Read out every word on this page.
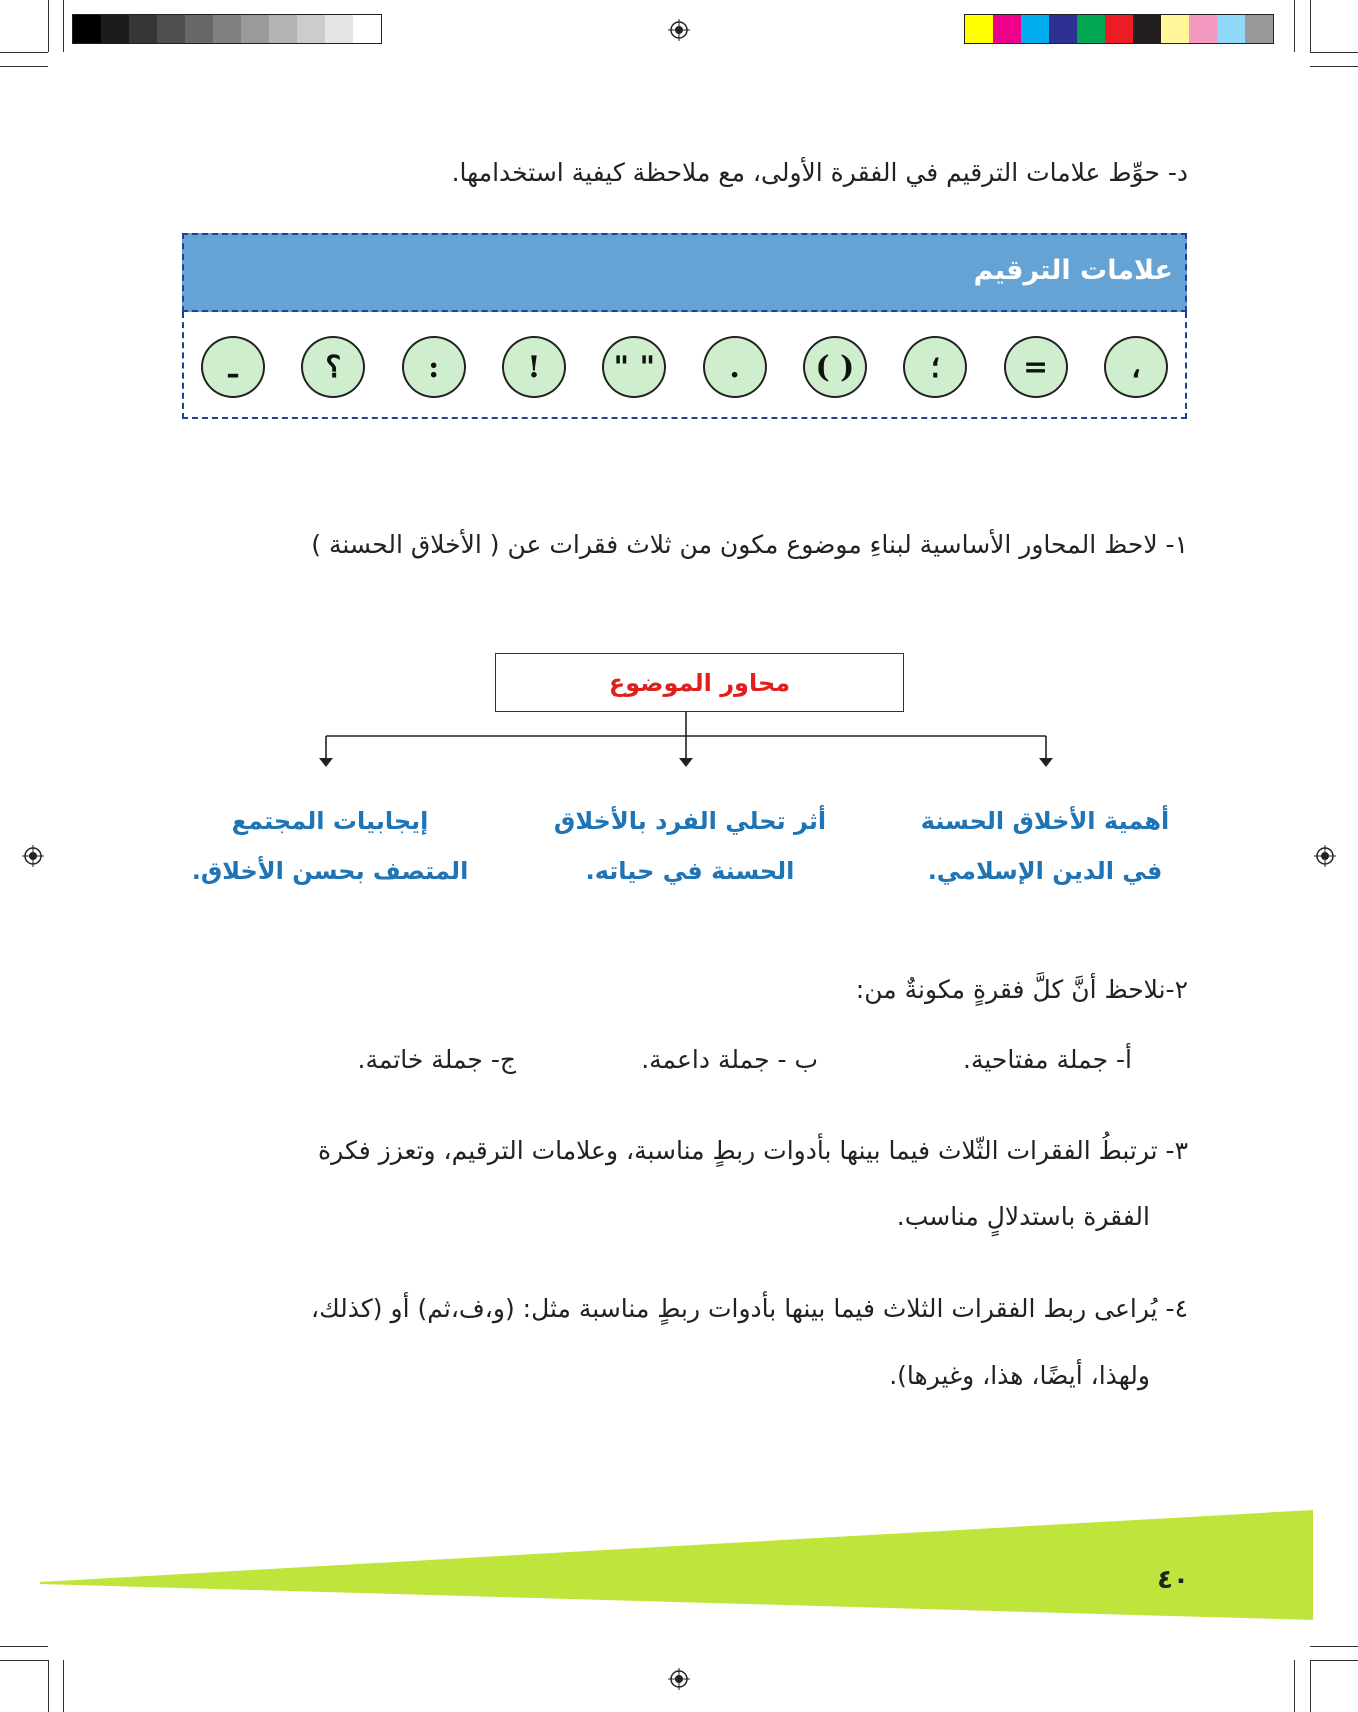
د- حوِّط علامات الترقيم في الفقرة الأولى، مع ملاحظة كيفية استخدامها.
علامات الترقيم
ـ	؟	:	!	" "	.	( )	؛	=	،
١- لاحظ المحاور الأساسية لبناءِ موضوع مكون من ثلاث فقرات عن ( الأخلاق الحسنة )
محاور الموضوع
أهمية الأخلاق الحسنة
في الدين الإسلامي.
أثر تحلي الفرد بالأخلاق
الحسنة في حياته.
إيجابيات المجتمع
المتصف بحسن الأخلاق.
٢-نلاحظ أنَّ كلَّ فقرةٍ مكونةٌ من:
أ- جملة مفتاحية.
ب - جملة داعمة.
ج- جملة خاتمة.
٣- ترتبطُ الفقرات الثّلاث فيما بينها بأدوات ربطٍ مناسبة، وعلامات الترقيم، وتعزز فكرة
الفقرة باستدلالٍ مناسب.
٤- يُراعى ربط الفقرات الثلاث فيما بينها بأدوات ربطٍ مناسبة مثل: (و،ف،ثم) أو (كذلك،
ولهذا، أيضًا، هذا، وغيرها).
٤٠
